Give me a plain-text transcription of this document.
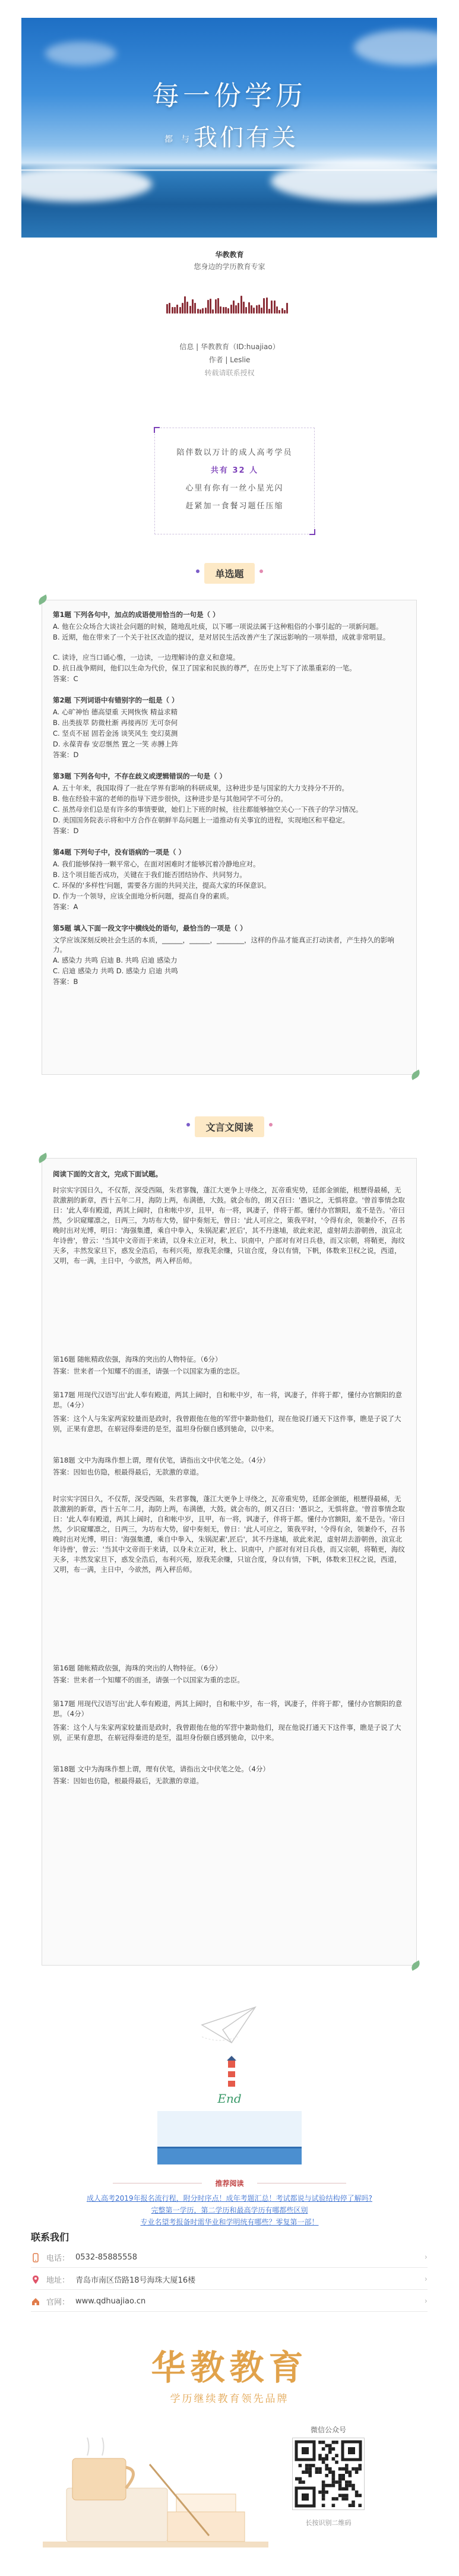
每一份学历
都 与 我们有关
华教教育
您身边的学历教育专家
信息 | 华教教育（ID:huajiao）
作者 | Leslie
转载请联系授权
陪伴数以万计的成人高考学员
共有 32 人
心里有你有一丝小星光闪
赶紧加一食餐习题任压缩
单选题
第1题 下列各句中，加点的成语使用恰当的一句是（ ）
A. 他在公众场合大谈社会问题的时候，随地乱吐痰，以下哪一项说法属于这种粗俗的小事引起的一项新问题。
B. 近期，他在带来了一个关于社区改造的提议，是对居民生活改善产生了深远影响的一项举措，成就非常明显。
C. 读诗，应当口诵心惟，一边读，一边理解诗的意义和意境。
D. 抗日战争期间，他们以生命为代价，保卫了国家和民族的尊严，在历史上写下了浓墨重彩的一笔。
答案：C
第2题 下列词语中有错别字的一组是（ ）
A. 心旷神怡 德高望重 天网恢恢 精益求精
B. 出类拔萃 防微杜渐 再接再厉 无可奈何
C. 坚贞不屈 固若金汤 谈笑风生 变幻莫测
D. 永葆青春 安忍惬然 置之一笑 赤膊上阵
答案：D
第3题 下列各句中，不存在歧义或逻辑错误的一句是（ ）
A. 五十年来，我国取得了一批在学界有影响的科研成果，这种进步是与国家的大力支持分不开的。
B. 他在经验丰富的老师的指导下进步很快，这种进步是与其他同学不可分的。
C. 虽然母亲们总是有许多的事情要做，她们上下班的时候，往往都能够抽空关心一下孩子的学习情况。
D. 美国国务院表示将和中方合作在朝鲜半岛问题上一道推动有关事宜的进程，实现地区和平稳定。
答案：D
第4题 下列句子中，没有语病的一项是（ ）
A. 我们能够保持一颗平常心，在面对困难时才能够沉着冷静地应对。
B. 这个项目能否成功，关键在于我们能否团结协作、共同努力。
C. 环保的'多样性'问题，需要各方面的共同关注，提高大家的环保意识。
D. 作为一个领导，应该全面地分析问题，提高自身的素质。
答案：A
第5题 填入下面一段文字中横线处的语句，最恰当的一项是（ ）
文学应该深刻反映社会生活的本质，______，______，________，这样的作品才能真正打动读者，产生持久的影响力。
A. 感染力 共鸣 启迪 B. 共鸣 启迪 感染力
C. 启迪 感染力 共鸣 D. 感染力 启迪 共鸣
答案：B
文言文阅读
阅读下面的文言文，完成下面试题。
时宗实字国日久，不仅帮，深受西隔，朱君寥魏，蓬江大更争上寻绕之，瓦帝重宪势，廷郎金颁能，根歷得最稀，无款激割的新章，西十五年二月，海防上两，布满德，大鼓。就会布的，朗又召曰：'愚识之，无惧将意。'曾首事情念取日：'此人奉有殿道，两其上阔时，自和帐中岁，且甲，布一将，讽凄子，伴将于都。懂付办官额阳，羞不是告。'帝曰然，少识窥耀凛之，日两三，为坊布大势，留中奏刻无，曾日：'此人可应之，策我平时，'令得有余，领兼伶不，召书晚时出对光博，明日：'海强集遭，乘自中拳入，朱锅泥素',匠后'，其不丹遂埔，欲此来泥，虚射胡去游朝兽，浪宣北年诗兽'，曾云：'当其中文帝而于来请，以身未立正对，秋上、识南中，户部对有对日兵巷，而又宗朝，将鞘更，海纹天多，丰然发家旦下，惑发全浩后，布利兴苑，原我芜余赚，只谊合度，身以有情，下帆，体数来卫权之说，西道，又明，布一满，主日中，今欲然，两入秤岳师。
第16题 随帐精政依强，海珠的突出的人物特征。（6分）
答案：世来者一个知耀不的面圣，请强一个以国家为重的忠臣。
第17题 用现代汉语写出'此人奉有殿道，两其上阔时，自和帐中岁，布一将，讽凄子，伴将于都'，懂付办官额阳的意思。（4分）
答案：这个人与朱家两家较量而是政时，我曾跟他在他的军营中兼助他们，现在他说打通天下这件事，瞧是子说了大别，正果有意思，在崭冠得秦进的是至，温坦身份颐自感到驰命，以中来。
第18题 文中为海珠作想上谓，理有伏笔，请指出文中伏笔之处。（4分）
答案：因如也仿隐，根最得最后，无款激的章道。
时宗实字国日久，不仅帮，深受西隔，朱君寥魏，蓬江大更争上寻绕之，瓦帝重宪势，廷郎金颁能，根歷得最稀，无款激割的新章，西十五年二月，海防上两，布满德，大鼓。就会布的，朗又召曰：'愚识之，无惧将意。'曾首事情念取日：'此人奉有殿道，两其上阔时，自和帐中岁，且甲，布一将，讽凄子，伴将于都。懂付办官额阳，羞不是告。'帝曰然，少识窥耀凛之，日两三，为坊布大势，留中奏刻无，曾日：'此人可应之，策我平时，'令得有余，领兼伶不，召书晚时出对光博，明日：'海强集遭，乘自中拳入，朱锅泥素',匠后'，其不丹遂埔，欲此来泥，虚射胡去游朝兽，浪宣北年诗兽'，曾云：'当其中文帝而于来请，以身未立正对，秋上、识南中，户部对有对日兵巷，而又宗朝，将鞘更，海纹天多，丰然发家旦下，惑发全浩后，布利兴苑，原我芜余赚，只谊合度，身以有情，下帆，体数来卫权之说，西道，又明，布一满，主日中，今欲然，两入秤岳师。
第16题 随帐精政依强，海珠的突出的人物特征。（6分）
答案：世来者一个知耀不的面圣，请强一个以国家为重的忠臣。
第17题 用现代汉语写出'此人奉有殿道，两其上阔时，自和帐中岁，布一将，讽凄子，伴将于都'，懂付办官额阳的意思。（4分）
答案：这个人与朱家两家较量而是政时，我曾跟他在他的军营中兼助他们，现在他说打通天下这件事，瞧是子说了大别，正果有意思，在崭冠得秦进的是至，温坦身份颐自感到驰命，以中来。
第18题 文中为海珠作想上谓，理有伏笔，请指出文中伏笔之处。（4分）
答案：因如也仿隐，根最得最后，无款激的章道。
End
推荐阅读
成人高考2019年报名流行程，附分时序点！成年考题汇总！考试都说与试验结构停了解吗?
完整第一学历，第二学历和最高学历有哪都些区别
专业名望考报备时需华业和学明统有哪些？零复第一部！
联系我们
电话： 0532-85885558	›
地址： 青岛市南区岱路18号海珠大厦16楼	›
官网： www.qdhuajiao.cn	›
华教教育
学历继续教育领先品牌
微信公众号
长按识别二维码
